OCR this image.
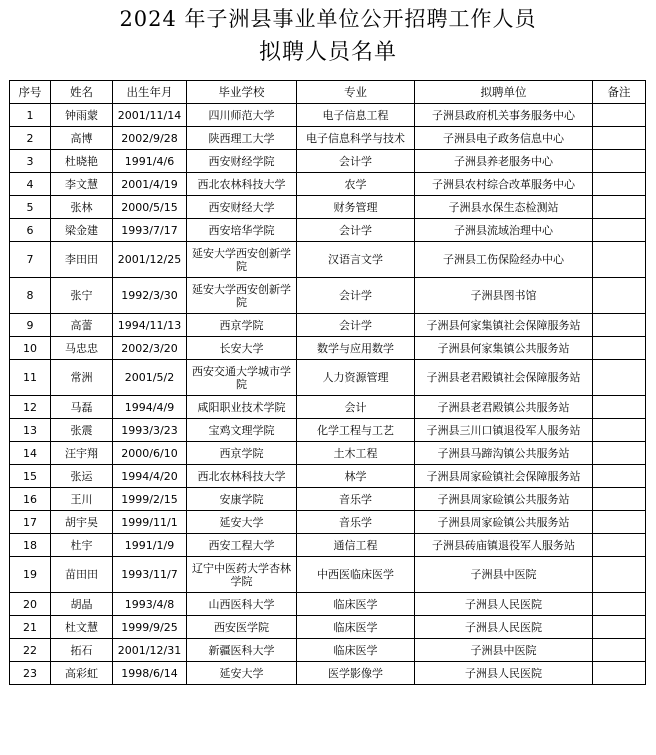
2024 年子洲县事业单位公开招聘工作人员
拟聘人员名单
序号	姓名	出生年月	毕业学校	专业	拟聘单位	备注
1	钟雨蒙	2001/11/14	四川师范大学	电子信息工程	子洲县政府机关事务服务中心	
2	高博	2002/9/28	陕西理工大学	电子信息科学与技术	子洲县电子政务信息中心	
3	杜晓艳	1991/4/6	西安财经学院	会计学	子洲县养老服务中心	
4	李文慧	2001/4/19	西北农林科技大学	农学	子洲县农村综合改革服务中心	
5	张林	2000/5/15	西安财经大学	财务管理	子洲县水保生态检测站	
6	梁金建	1993/7/17	西安培华学院	会计学	子洲县流域治理中心	
7	李田田	2001/12/25	延安大学西安创新学院	汉语言文学	子洲县工伤保险经办中心	
8	张宁	1992/3/30	延安大学西安创新学院	会计学	子洲县图书馆	
9	高蕾	1994/11/13	西京学院	会计学	子洲县何家集镇社会保障服务站	
10	马忠忠	2002/3/20	长安大学	数学与应用数学	子洲县何家集镇公共服务站	
11	常洲	2001/5/2	西安交通大学城市学院	人力资源管理	子洲县老君殿镇社会保障服务站	
12	马磊	1994/4/9	咸阳职业技术学院	会计	子洲县老君殿镇公共服务站	
13	张震	1993/3/23	宝鸡文理学院	化学工程与工艺	子洲县三川口镇退役军人服务站	
14	汪宇翔	2000/6/10	西京学院	土木工程	子洲县马蹄沟镇公共服务站	
15	张运	1994/4/20	西北农林科技大学	林学	子洲县周家硷镇社会保障服务站	
16	王川	1999/2/15	安康学院	音乐学	子洲县周家硷镇公共服务站	
17	胡宇昊	1999/11/1	延安大学	音乐学	子洲县周家硷镇公共服务站	
18	杜宇	1991/1/9	西安工程大学	通信工程	子洲县砖庙镇退役军人服务站	
19	苗田田	1993/11/7	辽宁中医药大学杏林学院	中西医临床医学	子洲县中医院	
20	胡晶	1993/4/8	山西医科大学	临床医学	子洲县人民医院	
21	杜文慧	1999/9/25	西安医学院	临床医学	子洲县人民医院	
22	拓石	2001/12/31	新疆医科大学	临床医学	子洲县中医院	
23	高彩虹	1998/6/14	延安大学	医学影像学	子洲县人民医院	
